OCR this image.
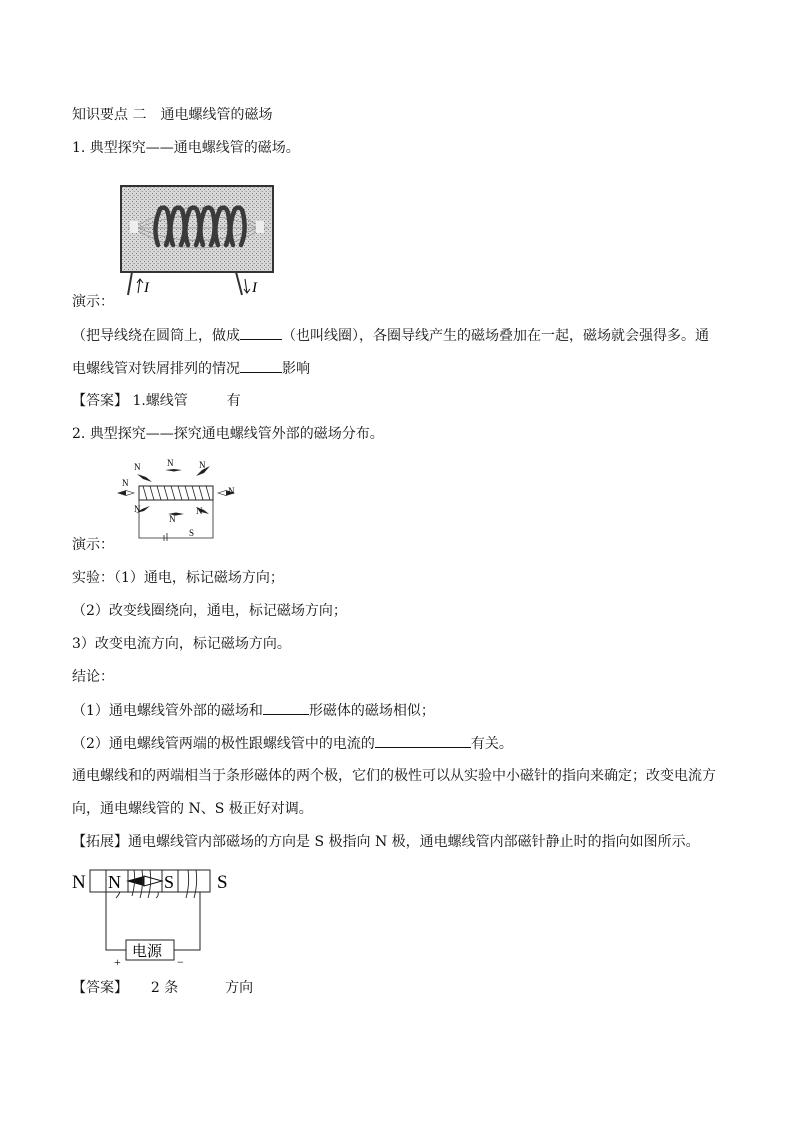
知识要点 二　通电螺线管的磁场
1. 典型探究——通电螺线管的磁场。
I	I
演示：
（把导线绕在圆筒上，做成	（也叫线圈），各圈导线产生的磁场叠加在一起，磁场就会强得多。通
电螺线管对铁屑排列的情况	影响
【答案】 1.螺线管	有
2. 典型探究——探究通电螺线管外部的磁场分布。
S
N
N	N	N
N
N
N
N
演示：
实验：（1）通电，标记磁场方向；
（2）改变线圈绕向，通电，标记磁场方向；
3）改变电流方向，标记磁场方向。
结论：
（1）通电螺线管外部的磁场和	形磁体的磁场相似；
（2）通电螺线管两端的极性跟螺线管中的电流的	有关。
通电螺线和的两端相当于条形磁体的两个极，它们的极性可以从实验中小磁针的指向来确定；改变电流方
向，通电螺线管的 N、S 极正好对调。
【拓展】通电螺线管内部磁场的方向是 S 极指向 N 极，通电螺线管内部磁针静止时的指向如图所示。
N N S S
电源
+	−
【答案】 2 条	方向
